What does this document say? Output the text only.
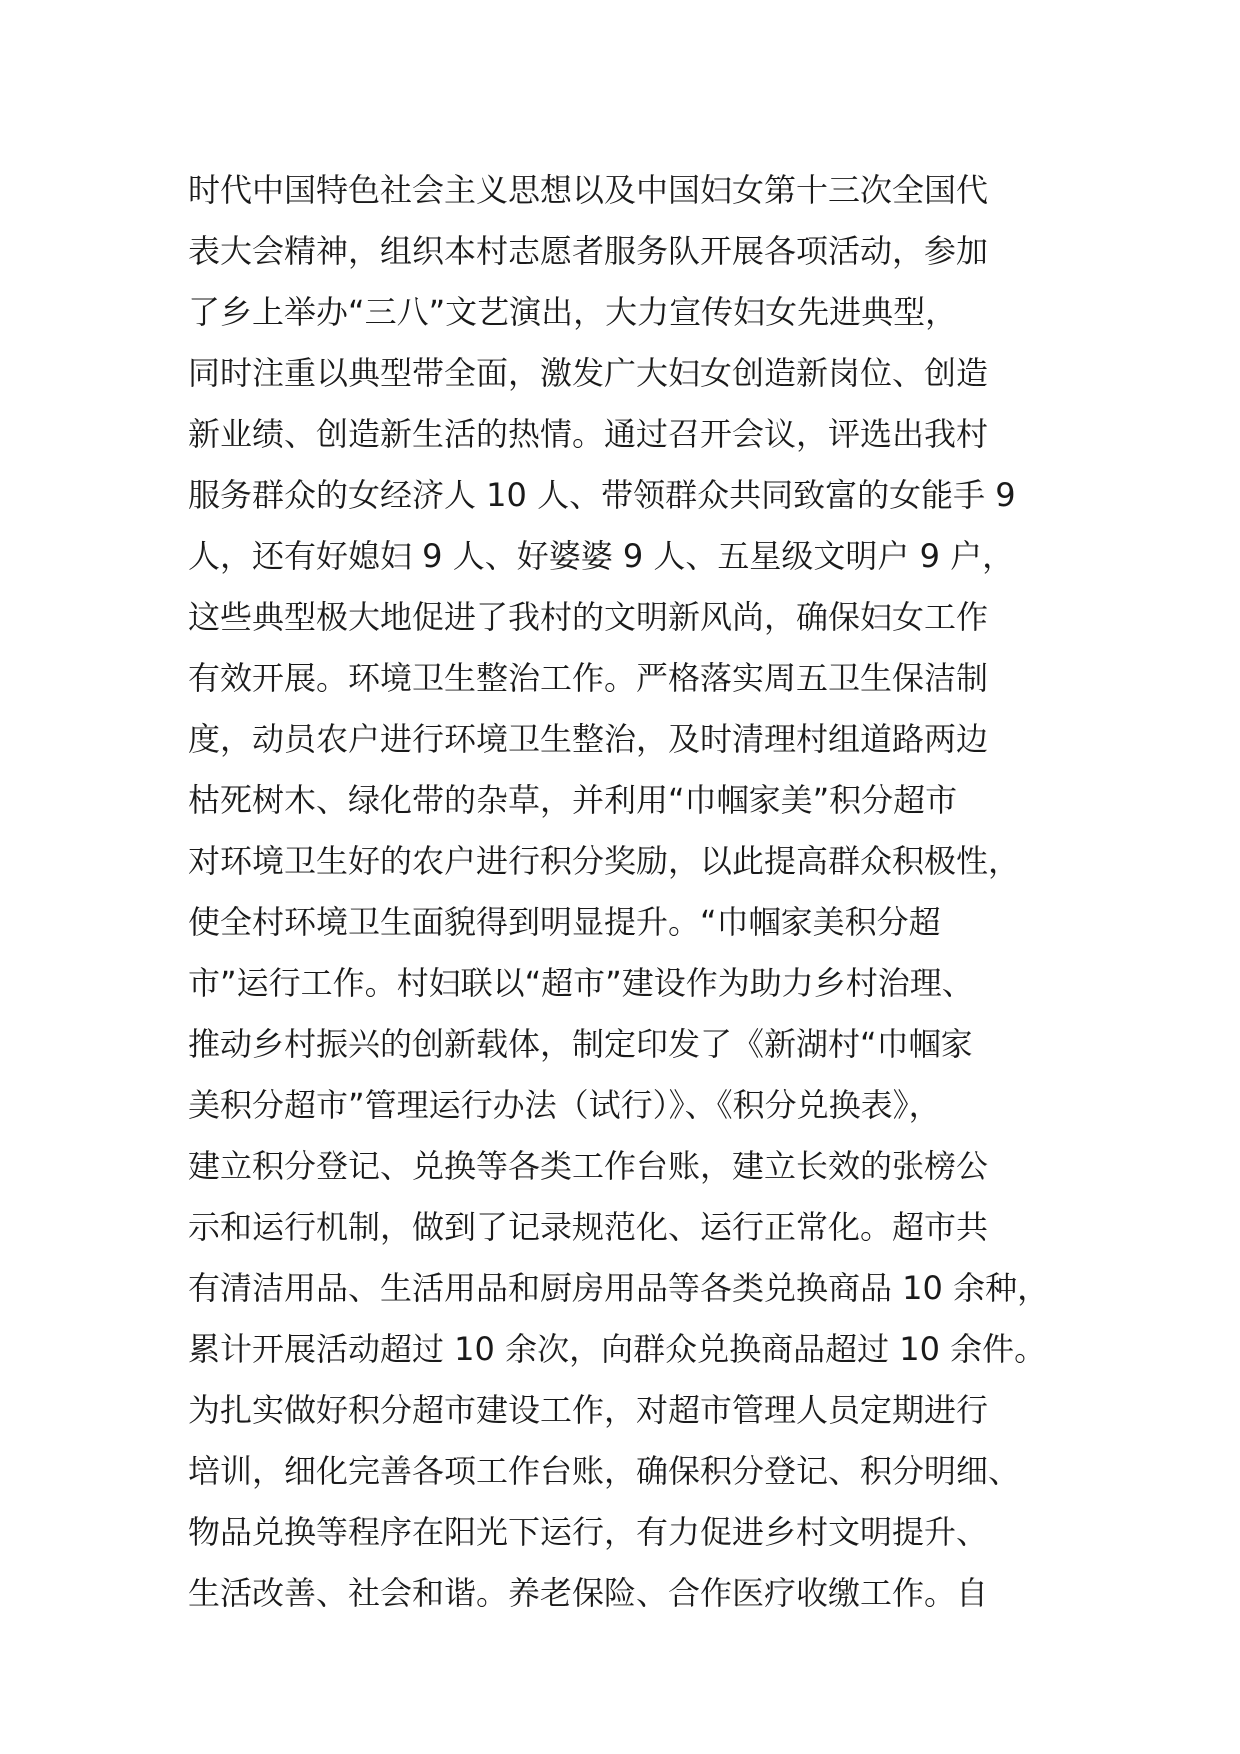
时代中国特色社会主义思想以及中国妇女第十三次全国代
表大会精神，组织本村志愿者服务队开展各项活动，参加
了乡上举办“三八”文艺演出，大力宣传妇女先进典型，
同时注重以典型带全面，激发广大妇女创造新岗位、创造
新业绩、创造新生活的热情。通过召开会议，评选出我村
服务群众的女经济人 10 人、带领群众共同致富的女能手 9
人，还有好媳妇 9 人、好婆婆 9 人、五星级文明户 9 户，
这些典型极大地促进了我村的文明新风尚，确保妇女工作
有效开展。环境卫生整治工作。严格落实周五卫生保洁制
度，动员农户进行环境卫生整治，及时清理村组道路两边
枯死树木、绿化带的杂草，并利用“巾帼家美”积分超市
对环境卫生好的农户进行积分奖励，以此提高群众积极性，
使全村环境卫生面貌得到明显提升。“巾帼家美积分超
市”运行工作。村妇联以“超市”建设作为助力乡村治理、
推动乡村振兴的创新载体，制定印发了《新湖村“巾帼家
美积分超市”管理运行办法（试行）》、《积分兑换表》，
建立积分登记、兑换等各类工作台账，建立长效的张榜公
示和运行机制，做到了记录规范化、运行正常化。超市共
有清洁用品、生活用品和厨房用品等各类兑换商品 10 余种，
累计开展活动超过 10 余次，向群众兑换商品超过 10 余件。
为扎实做好积分超市建设工作，对超市管理人员定期进行
培训，细化完善各项工作台账，确保积分登记、积分明细、
物品兑换等程序在阳光下运行，有力促进乡村文明提升、
生活改善、社会和谐。养老保险、合作医疗收缴工作。自
